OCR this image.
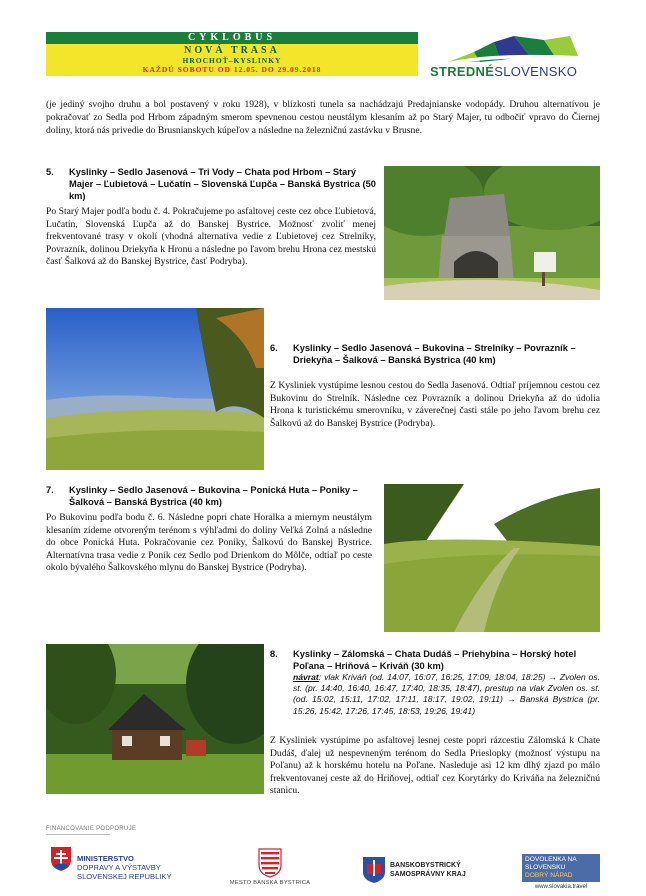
CYKLOBUS
NOVÁ TRASA
HROCHOŤ–KYSLINKY
KAŽDÚ SOBOTU OD 12.05. DO 29.09.2018	STREDNÉSLOVENSKO
(je jediný svojho druhu a bol postavený v roku 1928), v blízkosti tunela sa nachádzajú Predajnianske vodopády. Druhou alternatívou je pokračovať zo Sedla pod Hrbom západným smerom spevnenou cestou neustálym klesaním až po Starý Majer, tu odbočiť vpravo do Čiernej doliny, ktorá nás privedie do Brusnianskych kúpeľov a následne na železničnú zastávku v Brusne.
5. Kyslinky – Sedlo Jasenová – Tri Vody – Chata pod Hrbom – Starý Majer – Ľubietová – Lučatín – Slovenská Ľupča – Banská Bystrica (50 km)
Po Starý Majer podľa bodu č. 4. Pokračujeme po asfaltovej ceste cez obce Ľubietová, Lučatín, Slovenská Ľupča až do Banskej Bystrice. Možnosť zvoliť menej frekventované trasy v okolí (vhodná alternatíva vedie z Ľubietovej cez Strelníky, Povrazník, dolinou Driekyňa k Hronu a následne po ľavom brehu Hrona cez mestskú časť Šalková až do Banskej Bystrice, časť Podryba).
6. Kyslinky – Sedlo Jasenová – Bukovina – Strelníky – Povrazník – Driekyňa – Šalková – Banská Bystrica (40 km)
Z Kysliniek vystúpime lesnou cestou do Sedla Jasenová. Odtiaľ príjemnou cestou cez Bukovinu do Strelník. Následne cez Povrazník a dolinou Driekyňa až do údolia Hrona k turistickému smerovníku, v záverečnej časti stále po jeho ľavom brehu cez Šalkovú až do Banskej Bystrice (Podryba).
7. Kyslinky – Sedlo Jasenová – Bukovina – Ponická Huta – Poniky – Šalková – Banská Bystrica (40 km)
Po Bukovinu podľa bodu č. 6. Následne popri chate Horalka a miernym neustálym klesaním zídeme otvoreným terénom s výhľadmi do doliny Veľká Zolná a následne do obce Ponická Huta. Pokračovanie cez Poniky, Šalkovú do Banskej Bystrice. Alternatívna trasa vedie z Poník cez Sedlo pod Drienkom do Môlče, odtiaľ po ceste okolo bývalého Šalkovského mlynu do Banskej Bystrice (Podryba).
8. Kyslinky – Zálomská – Chata Dudáš – Priehybina – Horský hotel Poľana – Hriňová – Kriváň (30 km)
návrat: vlak Kriváň (od. 14:07, 16:07, 16:25, 17:09, 18:04, 18:25) → Zvolen os. st. (pr. 14:40, 16:40, 16:47, 17:40, 18:35, 18:47), prestup na vlak Zvolen os. st. (od. 15:02, 15:11, 17:02, 17:11, 18:17, 19:02, 19:11) → Banská Bystrica (pr. 15:26, 15:42, 17:26, 17:45, 18:53, 19:26, 19:41)
Z Kysliniek vystúpime po asfaltovej lesnej ceste popri rázcestiu Zálomská k Chate Dudáš, ďalej už nespevneným terénom do Sedla Prieslopky (možnosť výstupu na Poľanu) až k horskému hotelu na Poľane. Nasleduje asi 12 km dlhý zjazd po málo frekventovanej ceste až do Hriňovej, odtiaľ cez Korytárky do Kriváňa na železničnú stanicu.
FINANCOVANIE PODPORUJE
MINISTERSTVO
DOPRAVY A VÝSTAVBY
SLOVENSKEJ REPUBLIKY
MESTO BANSKÁ BYSTRICA
BANSKOBYSTRICKÝ
SAMOSPRÁVNY KRAJ
DOVOLENKA NA
SLOVENSKU
DOBRÝ NÁPAD
www.slovakia.travel
